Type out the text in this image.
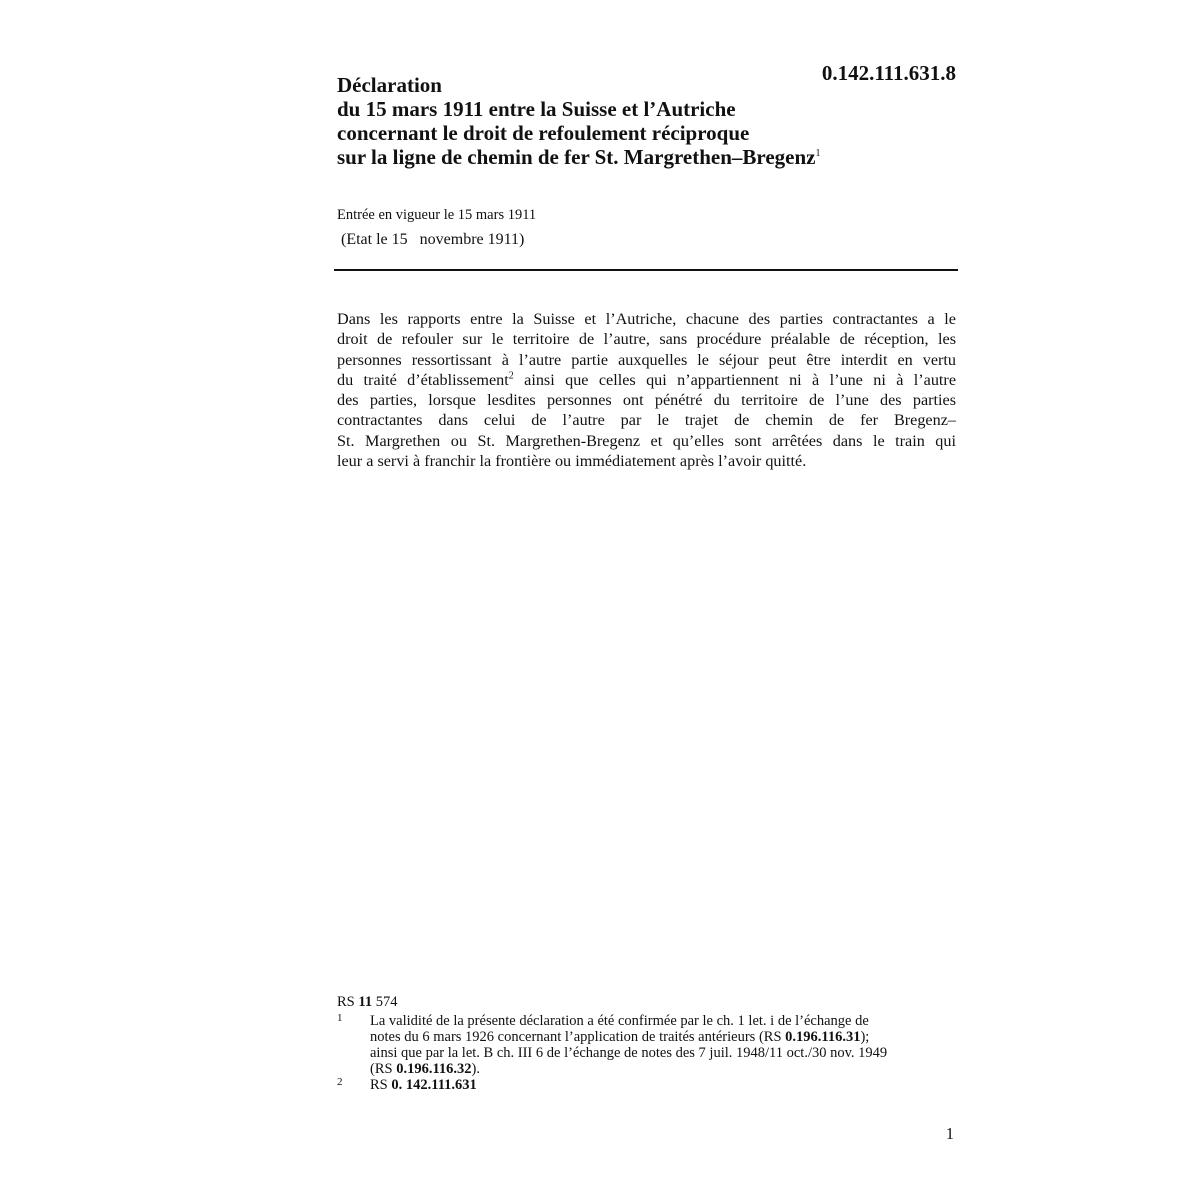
0.142.111.631.8
Déclaration
du 15 mars 1911 entre la Suisse et l’Autriche
concernant le droit de refoulement réciproque
sur la ligne de chemin de fer St. Margrethen–Bregenz$^1$
Entrée en vigueur le 15 mars 1911
(Etat le 15   novembre 1911)
Dans les rapports entre la Suisse et l’Autriche, chacune des parties contractantes a le
droit de refouler sur le territoire de l’autre, sans procédure préalable de réception, les
personnes ressortissant à l’autre partie auxquelles le séjour peut être interdit en vertu
du traité d’établissement$^2$ ainsi que celles qui n’appartiennent ni à l’une ni à l’autre
des parties, lorsque lesdites personnes ont pénétré du territoire de l’une des parties
contractantes dans celui de l’autre par le trajet de chemin de fer Bregenz–
St. Margrethen ou St. Margrethen-Bregenz et qu’elles sont arrêtées dans le train qui
leur a servi à franchir la frontière ou immédiatement après l’avoir quitté.
RS 11 574
1 La validité de la présente déclaration a été confirmée par le ch. 1 let. i de l’échange de
notes du 6 mars 1926 concernant l’application de traités antérieurs (RS 0.196.116.31);
ainsi que par la let. B ch. III 6 de l’échange de notes des 7 juil. 1948/11 oct./30 nov. 1949
(RS 0.196.116.32).
2 RS 0. 142.111.631
1
